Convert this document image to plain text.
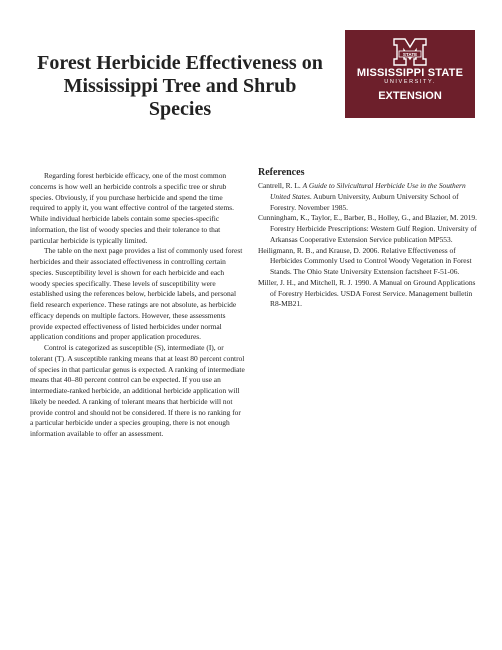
Forest Herbicide Effectiveness on
Mississippi Tree and Shrub Species
STATE
MISSISSIPPI STATE
UNIVERSITY.
EXTENSION

Regarding forest herbicide efficacy, one of the most common concerns is how well an herbicide controls a specific tree or shrub species. Obviously, if you purchase herbicide and spend the time required to apply it, you want effective control of the targeted stems. While individual herbicide labels contain some species-specific information, the list of woody species and their tolerance to that particular herbicide is typically limited.

The table on the next page provides a list of commonly used forest herbicides and their associated effectiveness in controlling certain species. Susceptibility level is shown for each herbicide and each woody species specifically. These levels of susceptibility were established using the references below, herbicide labels, and personal field research experience. These ratings are not absolute, as herbicide efficacy depends on multiple factors. However, these assessments provide expected effectiveness of listed herbicides under normal application conditions and proper application procedures.

Control is categorized as susceptible (S), intermediate (I), or tolerant (T). A susceptible ranking means that at least 80 percent control of species in that particular genus is expected. A ranking of intermediate means that 40–80 percent control can be expected. If you use an intermediate-ranked herbicide, an additional herbicide application will likely be needed. A ranking of tolerant means that herbicide will not provide control and should not be considered. If there is no ranking for a particular herbicide under a species grouping, there is not enough information available to offer an assessment.

References

Cantrell, R. L. A Guide to Silvicultural Herbicide Use in the Southern United States. Auburn University, Auburn University School of Forestry. November 1985.

Cunningham, K., Taylor, E., Barber, B., Holley, G., and Blazier, M. 2019. Forestry Herbicide Prescriptions: Western Gulf Region. University of Arkansas Cooperative Extension Service publication MP553.

Heiligmann, R. B., and Krause, D. 2006. Relative Effectiveness of Herbicides Commonly Used to Control Woody Vegetation in Forest Stands. The Ohio State University Extension factsheet F-51-06.

Miller, J. H., and Mitchell, R. J. 1990. A Manual on Ground Applications of Forestry Herbicides. USDA Forest Service. Management bulletin R8-MB21.
